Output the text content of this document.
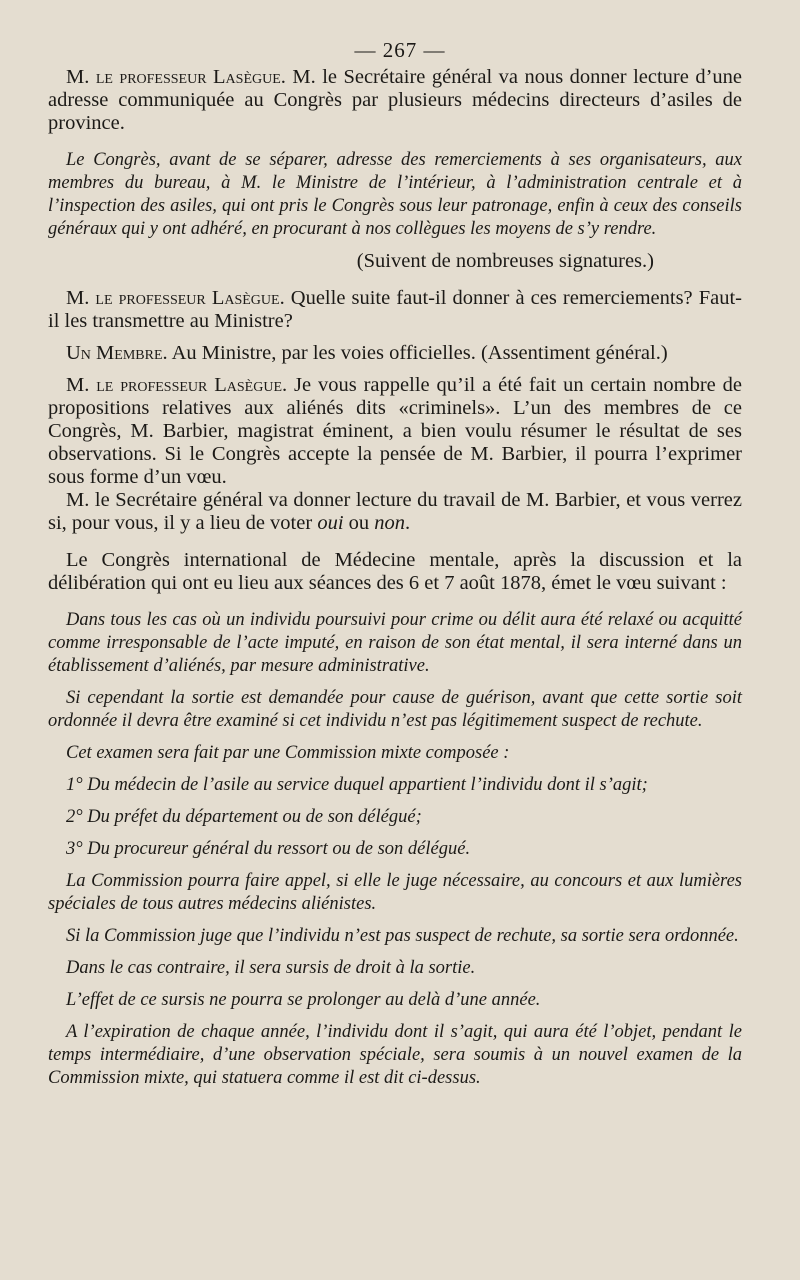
— 267 —

M. le professeur Lasègue. M. le Secrétaire général va nous donner lecture d’une adresse communiquée au Congrès par plusieurs médecins directeurs d’asiles de province.

Le Congrès, avant de se séparer, adresse des remerciements à ses organisateurs, aux membres du bureau, à M. le Ministre de l’intérieur, à l’administration centrale et à l’inspection des asiles, qui ont pris le Congrès sous leur patronage, enfin à ceux des conseils généraux qui y ont adhéré, en procurant à nos collègues les moyens de s’y rendre.

(Suivent de nombreuses signatures.)

M. le professeur Lasègue. Quelle suite faut-il donner à ces remerciements? Faut-il les transmettre au Ministre?

Un Membre. Au Ministre, par les voies officielles. (Assentiment général.)

M. le professeur Lasègue. Je vous rappelle qu’il a été fait un certain nombre de propositions relatives aux aliénés dits «criminels». L’un des membres de ce Congrès, M. Barbier, magistrat éminent, a bien voulu résumer le résultat de ses observations. Si le Congrès accepte la pensée de M. Barbier, il pourra l’exprimer sous forme d’un vœu.

M. le Secrétaire général va donner lecture du travail de M. Barbier, et vous verrez si, pour vous, il y a lieu de voter oui ou non.

Le Congrès international de Médecine mentale, après la discussion et la délibération qui ont eu lieu aux séances des 6 et 7 août 1878, émet le vœu suivant :

Dans tous les cas où un individu poursuivi pour crime ou délit aura été relaxé ou acquitté comme irresponsable de l’acte imputé, en raison de son état mental, il sera interné dans un établissement d’aliénés, par mesure administrative.

Si cependant la sortie est demandée pour cause de guérison, avant que cette sortie soit ordonnée il devra être examiné si cet individu n’est pas légitimement suspect de rechute.

Cet examen sera fait par une Commission mixte composée :

1° Du médecin de l’asile au service duquel appartient l’individu dont il s’agit;

2° Du préfet du département ou de son délégué;

3° Du procureur général du ressort ou de son délégué.

La Commission pourra faire appel, si elle le juge nécessaire, au concours et aux lumières spéciales de tous autres médecins aliénistes.

Si la Commission juge que l’individu n’est pas suspect de rechute, sa sortie sera ordonnée.

Dans le cas contraire, il sera sursis de droit à la sortie.

L’effet de ce sursis ne pourra se prolonger au delà d’une année.

A l’expiration de chaque année, l’individu dont il s’agit, qui aura été l’objet, pendant le temps intermédiaire, d’une observation spéciale, sera soumis à un nouvel examen de la Commission mixte, qui statuera comme il est dit ci-dessus.
